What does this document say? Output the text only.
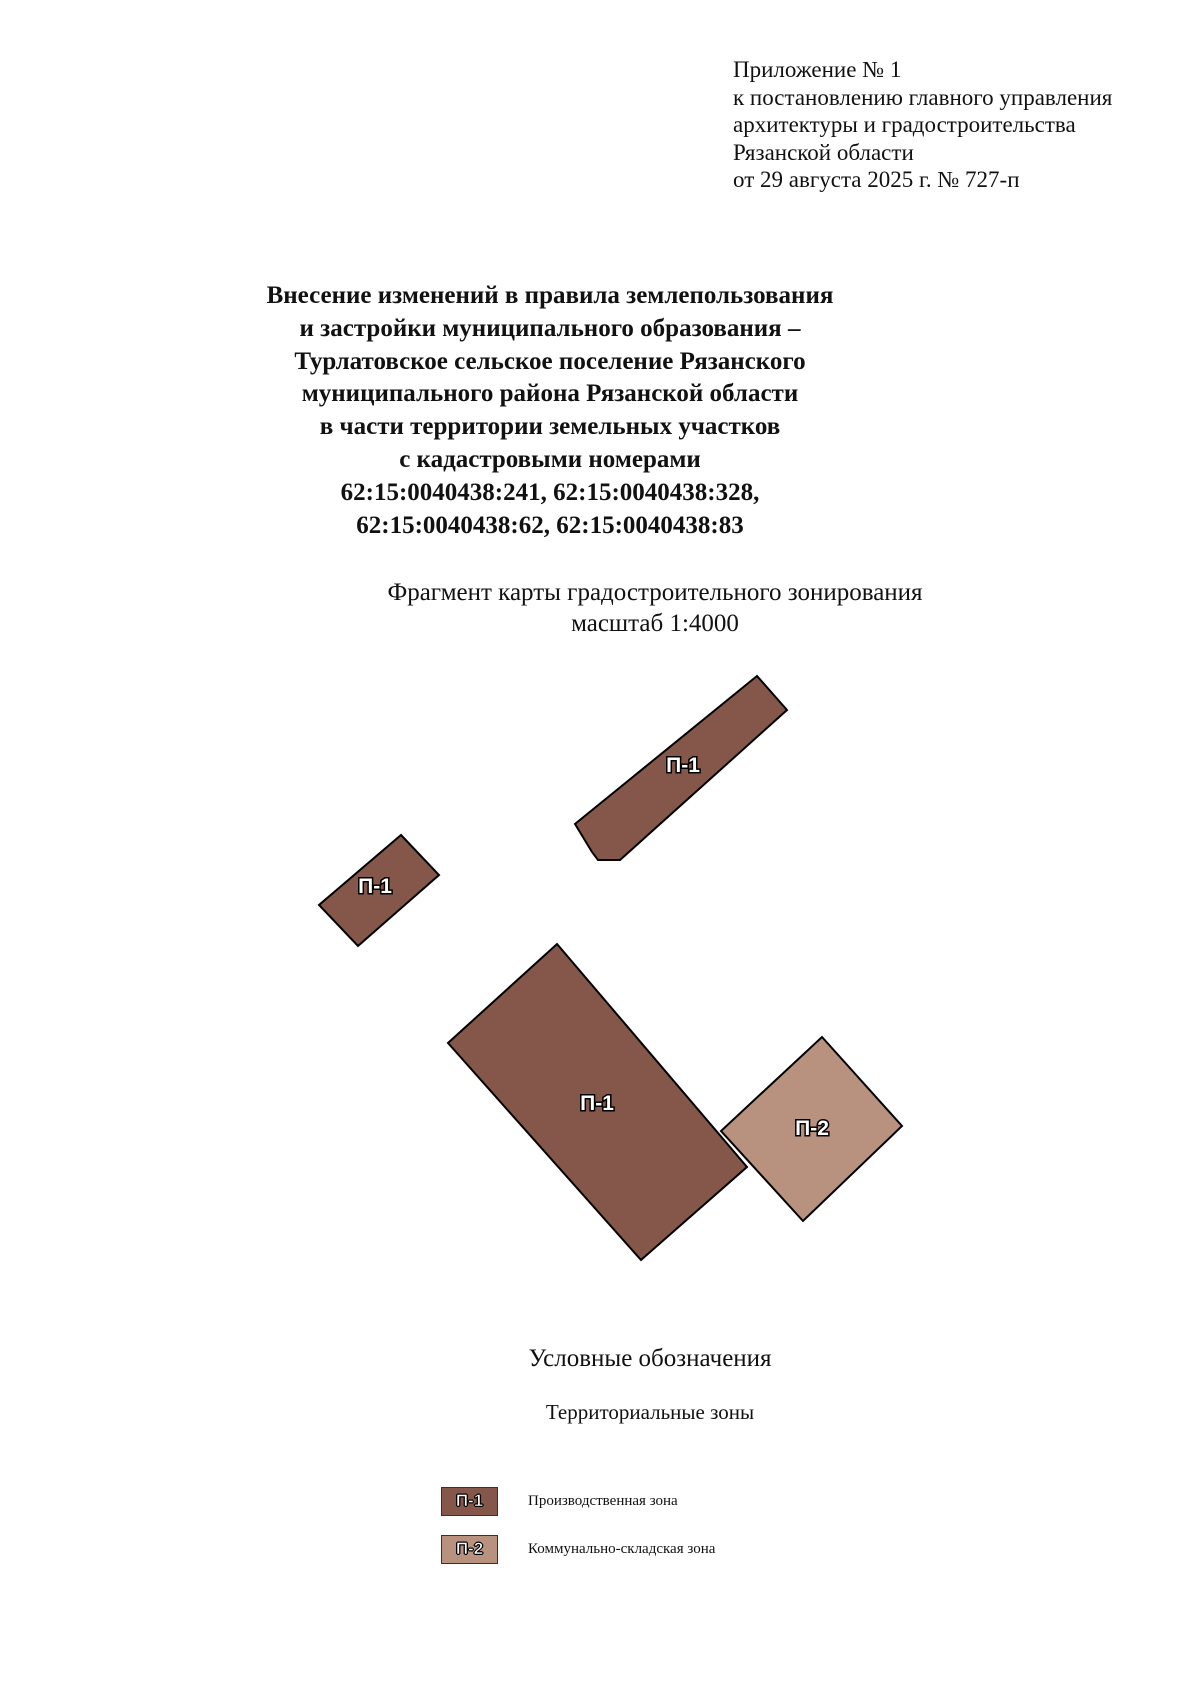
Приложение № 1
к постановлению главного управления
архитектуры и градостроительства
Рязанской области
от 29 августа 2025 г. № 727-п
Внесение изменений в правила землепользования
и застройки муниципального образования –
Турлатовское сельское поселение Рязанского
муниципального района Рязанской области
в части территории земельных участков
с кадастровыми номерами
62:15:0040438:241, 62:15:0040438:328,
62:15:0040438:62, 62:15:0040438:83
Фрагмент карты градостроительного зонирования
масштаб 1:4000
П-1
П-1
П-1
П-2
Условные обозначения
Территориальные зоны
П-1	Производственная зона
П-2	Коммунально-складская зона
